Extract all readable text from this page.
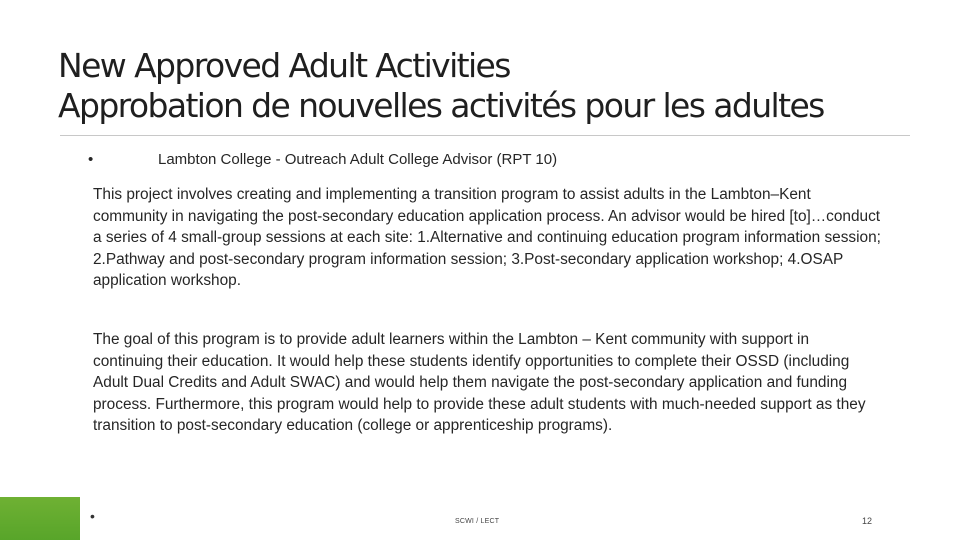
New Approved Adult Activities
Approbation de nouvelles activités pour les adultes
•	Lambton College - Outreach Adult College Advisor (RPT 10)

This project involves creating and implementing a transition program to assist adults in the Lambton–Kent community in navigating the post-secondary education application process. An advisor would be hired [to]…conduct a series of 4 small-group sessions at each site: 1.Alternative and continuing education program information session; 2.Pathway and post-secondary program information session; 3.Post-secondary application workshop; 4.OSAP application workshop.

The goal of this program is to provide adult learners within the Lambton – Kent community with support in continuing their education. It would help these students identify opportunities to complete their OSSD (including Adult Dual Credits and Adult SWAC) and would help them navigate the post-secondary application and funding process. Furthermore, this program would help to provide these adult students with much-needed support as they transition to post-secondary education (college or apprenticeship programs).

•	SCWI / LECT	12
